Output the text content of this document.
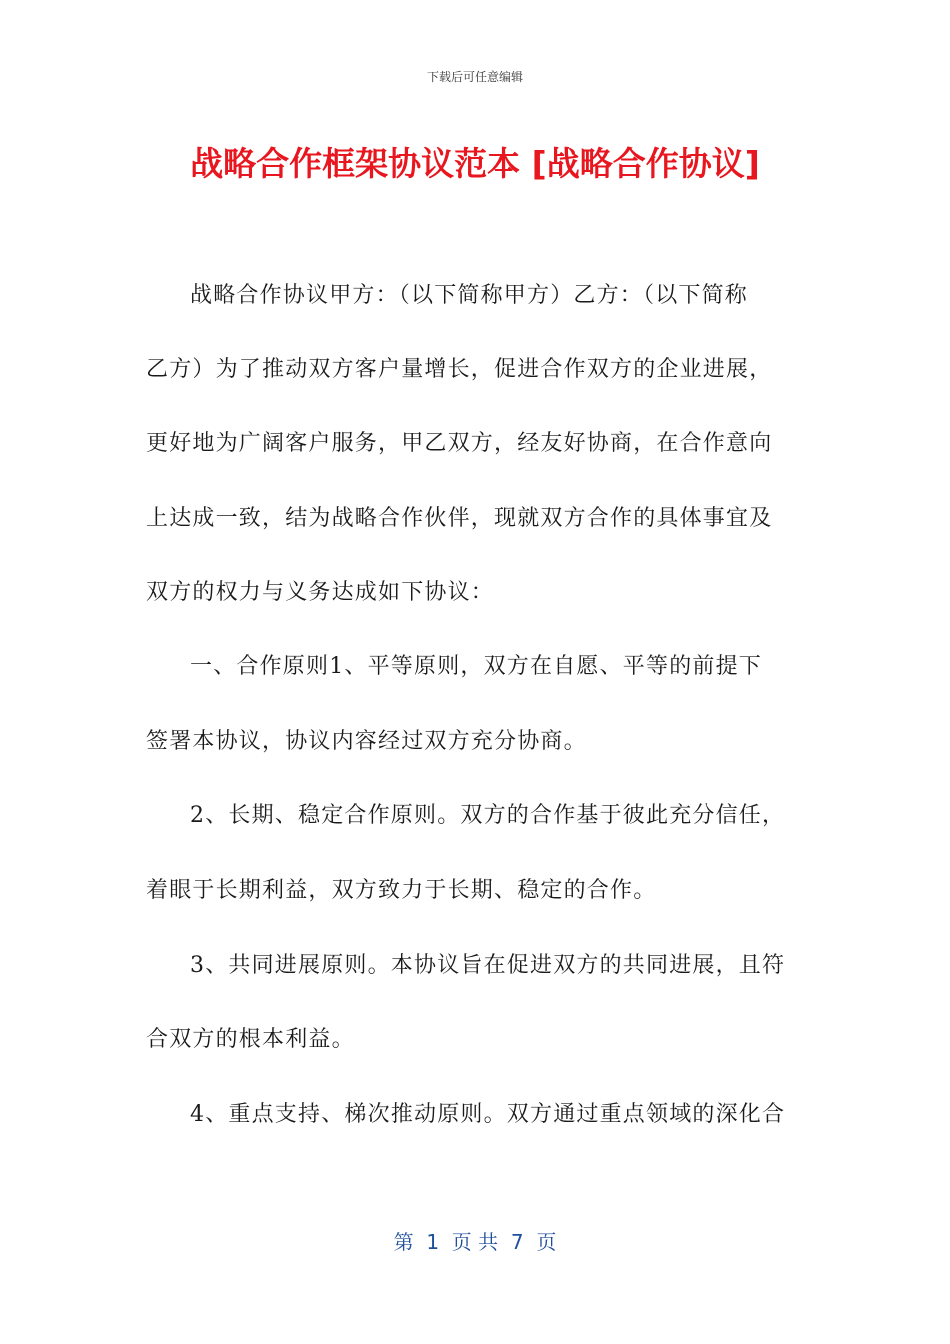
下载后可任意编辑
战略合作框架协议范本 [战略合作协议]
战略合作协议甲方：（以下简称甲方）乙方：（以下简称
乙方）为了推动双方客户量增长，促进合作双方的企业进展，
更好地为广阔客户服务，甲乙双方，经友好协商，在合作意向
上达成一致，结为战略合作伙伴，现就双方合作的具体事宜及
双方的权力与义务达成如下协议：
一、合作原则1、平等原则，双方在自愿、平等的前提下
签署本协议，协议内容经过双方充分协商。
2、长期、稳定合作原则。双方的合作基于彼此充分信任，
着眼于长期利益，双方致力于长期、稳定的合作。
3、共同进展原则。本协议旨在促进双方的共同进展，且符
合双方的根本利益。
4、重点支持、梯次推动原则。双方通过重点领域的深化合
第  1  页 共  7  页
